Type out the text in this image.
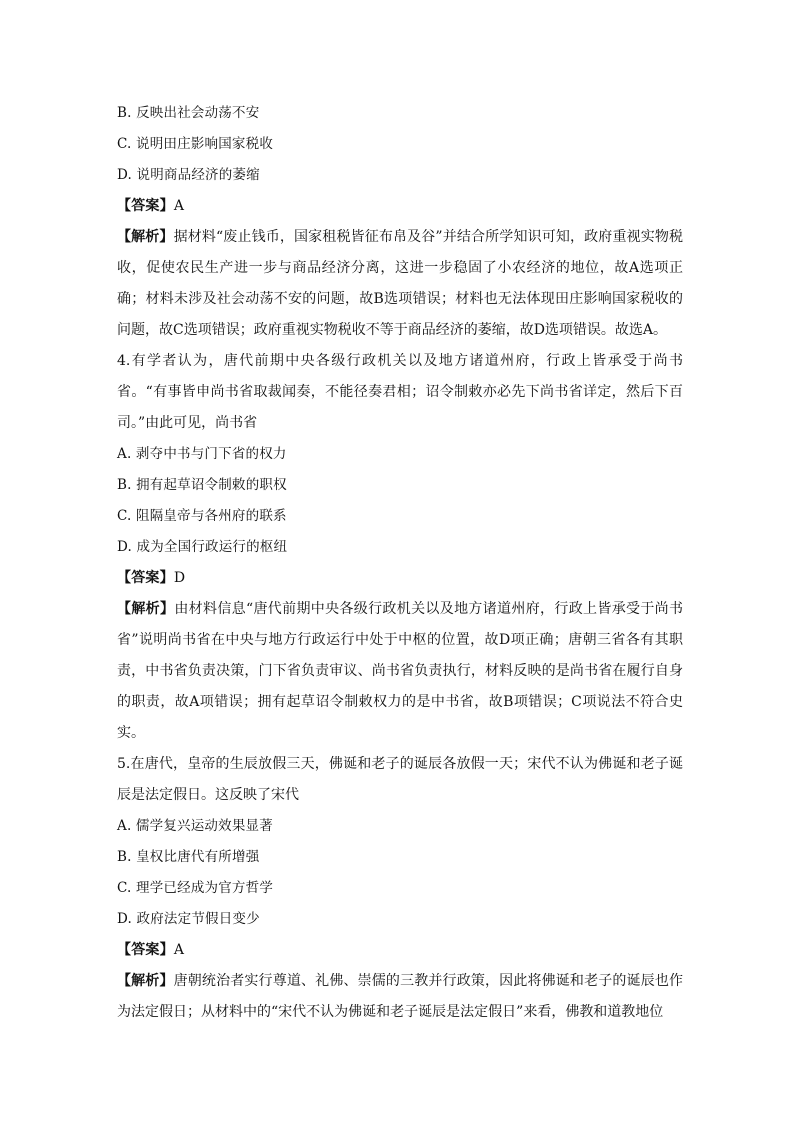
B. 反映出社会动荡不安
C. 说明田庄影响国家税收
D. 说明商品经济的萎缩
【答案】A
【解析】据材料“废止钱币，国家租税皆征布帛及谷”并结合所学知识可知，政府重视实物税收，促使农民生产进一步与商品经济分离，这进一步稳固了小农经济的地位，故A选项正确；材料未涉及社会动荡不安的问题，故B选项错误；材料也无法体现田庄影响国家税收的问题，故C选项错误；政府重视实物税收不等于商品经济的萎缩，故D选项错误。故选A。
4.有学者认为，唐代前期中央各级行政机关以及地方诸道州府，行政上皆承受于尚书省。“有事皆申尚书省取裁闻奏，不能径奏君相；诏令制敕亦必先下尚书省详定，然后下百司。”由此可见，尚书省
A. 剥夺中书与门下省的权力
B. 拥有起草诏令制敕的职权
C. 阻隔皇帝与各州府的联系
D. 成为全国行政运行的枢纽
【答案】D
【解析】由材料信息“唐代前期中央各级行政机关以及地方诸道州府，行政上皆承受于尚书省”说明尚书省在中央与地方行政运行中处于中枢的位置，故D项正确；唐朝三省各有其职责，中书省负责决策，门下省负责审议、尚书省负责执行，材料反映的是尚书省在履行自身的职责，故A项错误；拥有起草诏令制敕权力的是中书省，故B项错误；C项说法不符合史实。
5.在唐代，皇帝的生辰放假三天，佛诞和老子的诞辰各放假一天；宋代不认为佛诞和老子诞辰是法定假日。这反映了宋代
A. 儒学复兴运动效果显著
B. 皇权比唐代有所增强
C. 理学已经成为官方哲学
D. 政府法定节假日变少
【答案】A
【解析】唐朝统治者实行尊道、礼佛、崇儒的三教并行政策，因此将佛诞和老子的诞辰也作为法定假日；从材料中的“宋代不认为佛诞和老子诞辰是法定假日”来看，佛教和道教地位
